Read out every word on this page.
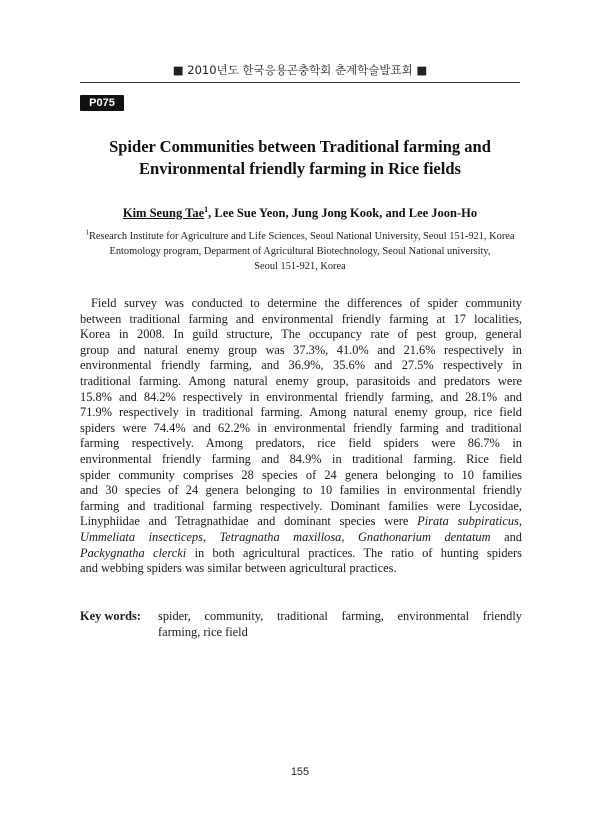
■ 2010년도 한국응용곤충학회 춘계학술발표회 ■
P075
Spider Communities between Traditional farming and
Environmental friendly farming in Rice fields
Kim Seung Tae$^1$, Lee Sue Yeon, Jung Jong Kook, and Lee Joon-Ho
$^1$Research Institute for Agriculture and Life Sciences, Seoul National University, Seoul 151-921, Korea
Entomology program, Deparment of Agricultural Biotechnology, Seoul National university,
Seoul 151-921, Korea
Field survey was conducted to determine the differences of spider community
between traditional farming and environmental friendly farming at 17 localities,
Korea in 2008. In guild structure, The occupancy rate of pest group, general
group and natural enemy group was 37.3%, 41.0% and 21.6% respectively in
environmental friendly farming, and 36.9%, 35.6% and 27.5% respectively in
traditional farming. Among natural enemy group, parasitoids and predators were
15.8% and 84.2% respectively in environmental friendly farming, and 28.1% and
71.9% respectively in traditional farming. Among natural enemy group, rice field
spiders were 74.4% and 62.2% in environmental friendly farming and traditional
farming respectively. Among predators, rice field spiders were 86.7% in
environmental friendly farming and 84.9% in traditional farming. Rice field
spider community comprises 28 species of 24 genera belonging to 10 families
and 30 species of 24 genera belonging to 10 families in environmental friendly
farming and traditional farming respectively. Dominant families were Lycosidae,
Linyphiidae and Tetragnathidae and dominant species were Pirata subpiraticus,
Ummeliata insecticeps, Tetragnatha maxillosa, Gnathonarium dentatum and
Packygnatha clercki in both agricultural practices. The ratio of hunting spiders
and webbing spiders was similar between agricultural practices.
Key words: spider, community, traditional farming, environmental friendly
farming, rice field
155
